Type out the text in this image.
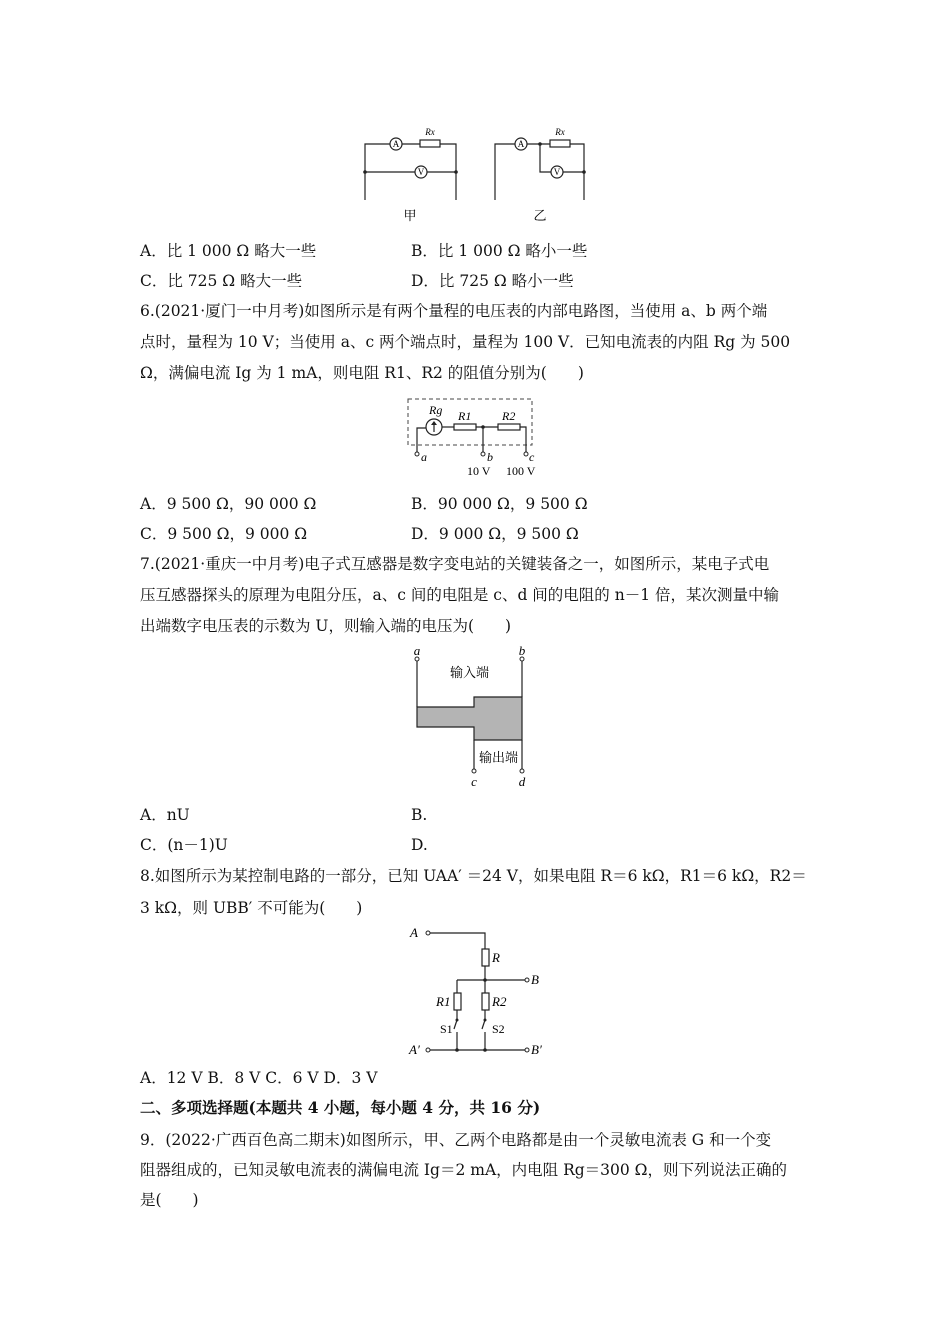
A
V
A
V
Rx	Rx
甲	乙
A．比 1 000 Ω 略大一些	B．比 1 000 Ω 略小一些
C．比 725 Ω 略大一些	D．比 725 Ω 略小一些
6.(2021·厦门一中月考)如图所示是有两个量程的电压表的内部电路图，当使用 a、b 两个端
点时，量程为 10 V；当使用 a、c 两个端点时，量程为 100 V．已知电流表的内阻 Rg 为 500
Ω，满偏电流 Ig 为 1 mA，则电阻 R1、R2 的阻值分别为(　　)
Rg R1	R2
a	b	c
10 V 100 V
A．9 500 Ω，90 000 Ω	B．90 000 Ω，9 500 Ω
C．9 500 Ω，9 000 Ω	D．9 000 Ω，9 500 Ω
7.(2021·重庆一中月考)电子式互感器是数字变电站的关键装备之一，如图所示，某电子式电
压互感器探头的原理为电阻分压，a、c 间的电阻是 c、d 间的电阻的 n－1 倍，某次测量中输
出端数字电压表的示数为 U，则输入端的电压为(　　)
a	b
c	d
输入端
输出端
A．nU	B.
C．(n－1)U	D.
8.如图所示为某控制电路的一部分，已知 UAA′ ＝24 V，如果电阻 R＝6 kΩ，R1＝6 kΩ，R2＝
3 kΩ，则 UBB′ 不可能为(　　)
A
B
A′	B′
R
R1	R2
S1	S2
A．12 V B．8 V C．6 V D．3 V
二、多项选择题(本题共 4 小题，每小题 4 分，共 16 分)
9．(2022·广西百色高二期末)如图所示，甲、乙两个电路都是由一个灵敏电流表 G 和一个变
阻器组成的，已知灵敏电流表的满偏电流 Ig＝2 mA，内电阻 Rg＝300 Ω，则下列说法正确的
是(　　)
